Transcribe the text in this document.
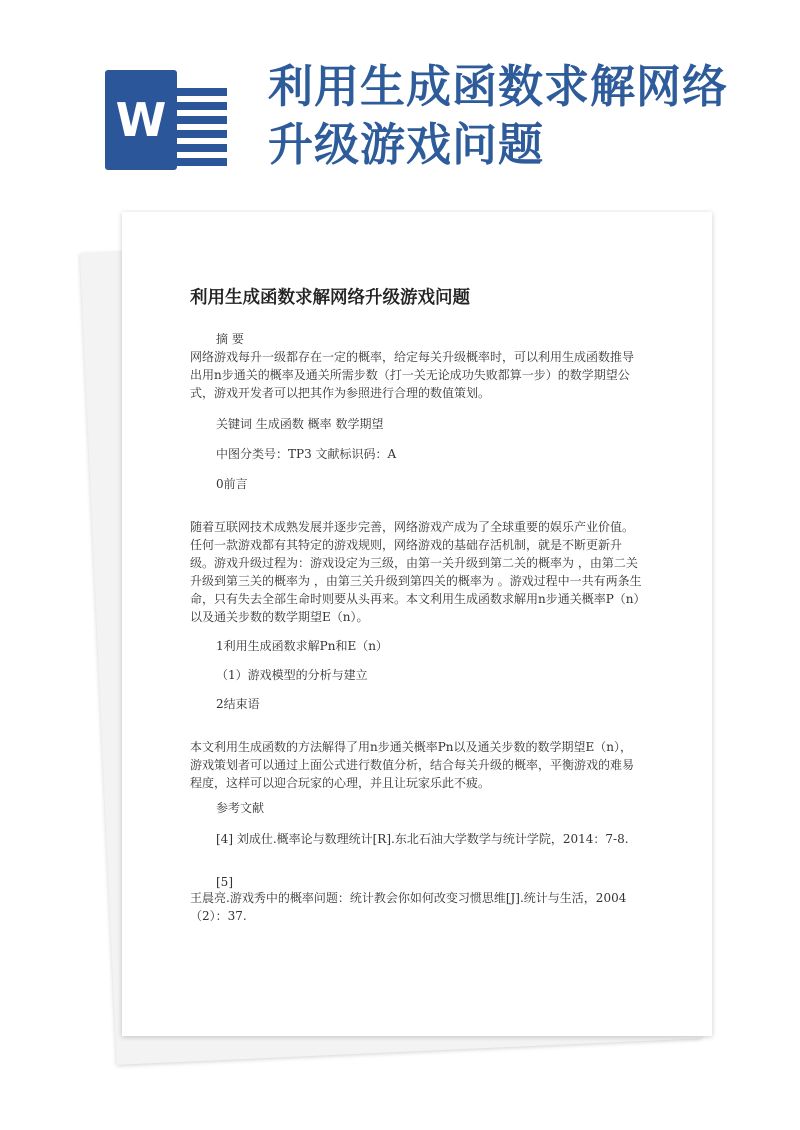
W
利用生成函数求解网络
升级游戏问题
利用生成函数求解网络升级游戏问题
摘 要
网络游戏每升一级都存在一定的概率，给定每关升级概率时，可以利用生成函数推导出用n步通关的概率及通关所需步数（打一关无论成功失败都算一步）的数学期望公式，游戏开发者可以把其作为参照进行合理的数值策划。
关键词 生成函数 概率 数学期望
中图分类号：TP3 文献标识码：A
0前言
随着互联网技术成熟发展并逐步完善，网络游戏产成为了全球重要的娱乐产业价值。任何一款游戏都有其特定的游戏规则，网络游戏的基础存活机制，就是不断更新升级。游戏升级过程为：游戏设定为三级，由第一关升级到第二关的概率为 ，由第二关升级到第三关的概率为 ，由第三关升级到第四关的概率为 。游戏过程中一共有两条生命，只有失去全部生命时则要从头再来。本文利用生成函数求解用n步通关概率P（n）以及通关步数的数学期望E（n）。
1利用生成函数求解Pn和E（n）
（1）游戏模型的分析与建立
2结束语
本文利用生成函数的方法解得了用n步通关概率Pn以及通关步数的数学期望E（n），游戏策划者可以通过上面公式进行数值分析，结合每关升级的概率，平衡游戏的难易程度，这样可以迎合玩家的心理，并且让玩家乐此不疲。
参考文献
[4] 刘成仕.概率论与数理统计[R].东北石油大学数学与统计学院，2014：7-8.
[5]
王晨亮.游戏秀中的概率问题：统计教会你如何改变习惯思维[J].统计与生活，2004（2）：37.
